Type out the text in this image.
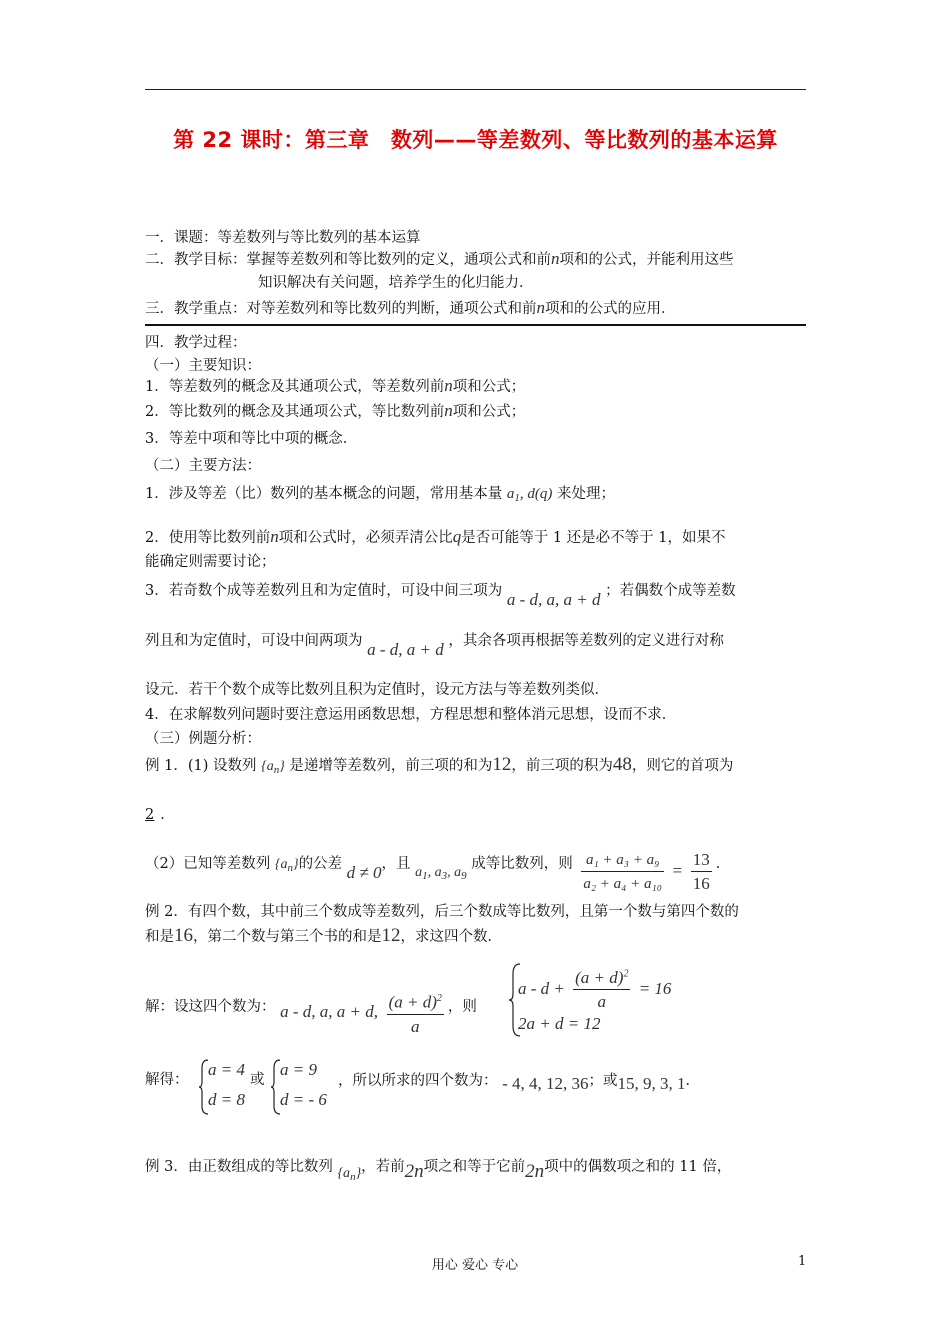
第 22 课时：第三章　数列——等差数列、等比数列的基本运算
一．课题：等差数列与等比数列的基本运算
二．教学目标：掌握等差数列和等比数列的定义，通项公式和前n项和的公式，并能利用这些
知识解决有关问题，培养学生的化归能力．
三．教学重点：对等差数列和等比数列的判断，通项公式和前n项和的公式的应用．
四．教学过程：
（一）主要知识：
1．等差数列的概念及其通项公式，等差数列前n项和公式；
2．等比数列的概念及其通项公式，等比数列前n项和公式；
3．等差中项和等比中项的概念．
（二）主要方法：
1．涉及等差（比）数列的基本概念的问题，常用基本量 $a_1$, d(q) 来处理；
2．使用等比数列前n项和公式时，必须弄清公比q是否可能等于 1 还是必不等于 1，如果不
能确定则需要讨论；
3．若奇数个成等差数列且和为定值时，可设中间三项为 a - d, a, a + d ；若偶数个成等差数
列且和为定值时，可设中间两项为 a - d, a + d ，其余各项再根据等差数列的定义进行对称
设元．若干个数个成等比数列且积为定值时，设元方法与等差数列类似．
4．在求解数列问题时要注意运用函数思想，方程思想和整体消元思想，设而不求．
（三）例题分析：
例 1．(1) 设数列 $\{a_n\}$ 是递增等差数列，前三项的和为12，前三项的积为48，则它的首项为
2 ．
（2）已知等差数列 $\{a_n\}$的公差 d ≠ 0，且 $a_1$, $a_3$, $a_9$ 成等比数列，则 $\frac{\text{a₁ + a₃ + a₉}}{\text{a₂ + a₄ + a₁₀}} = \frac{13}{16}$ ．
例 2．有四个数，其中前三个数成等差数列，后三个数成等比数列，且第一个数与第四个数的
和是16，第二个数与第三个书的和是12，求这四个数．
解：设这四个数为： a - d, a, a + d, $\frac{(a + d)^2}{a}$ ，则
$a - d + \frac{(a + d)^2}{a} = 16$
2a + d = 12
解得：
a = 4
d = 8
或
a = 9
d = - 6
，所以所求的四个数为： - 4, 4, 12, 36；或15, 9, 3, 1．
例 3．由正数组成的等比数列 $\{a_n\}$，若前2n项之和等于它前2n项中的偶数项之和的 11 倍，
用心 爱心 专心	1
